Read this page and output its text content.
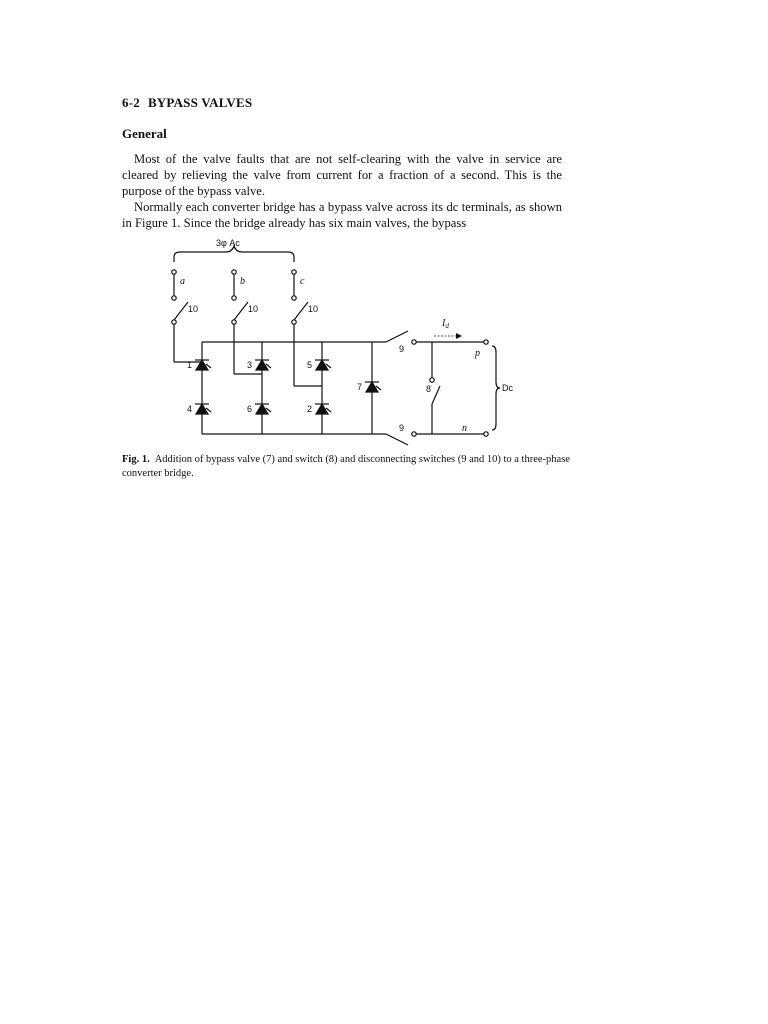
6-2 BYPASS VALVES
General

Most of the valve faults that are not self-clearing with the valve in service are cleared by relieving the valve from current for a fraction of a second. This is the purpose of the bypass valve.

Normally each converter bridge has a bypass valve across its dc terminals, as shown in Figure 1. Since the bridge already has six main valves, the bypass

3φ Ac
a
10
b
10
c
10
1	3	5
4	6	2
7
9	p
$I_d$
9	n
8	Dc
Fig. 1. Addition of bypass valve (7) and switch (8) and disconnecting switches (9 and 10) to a three-phase converter bridge.
